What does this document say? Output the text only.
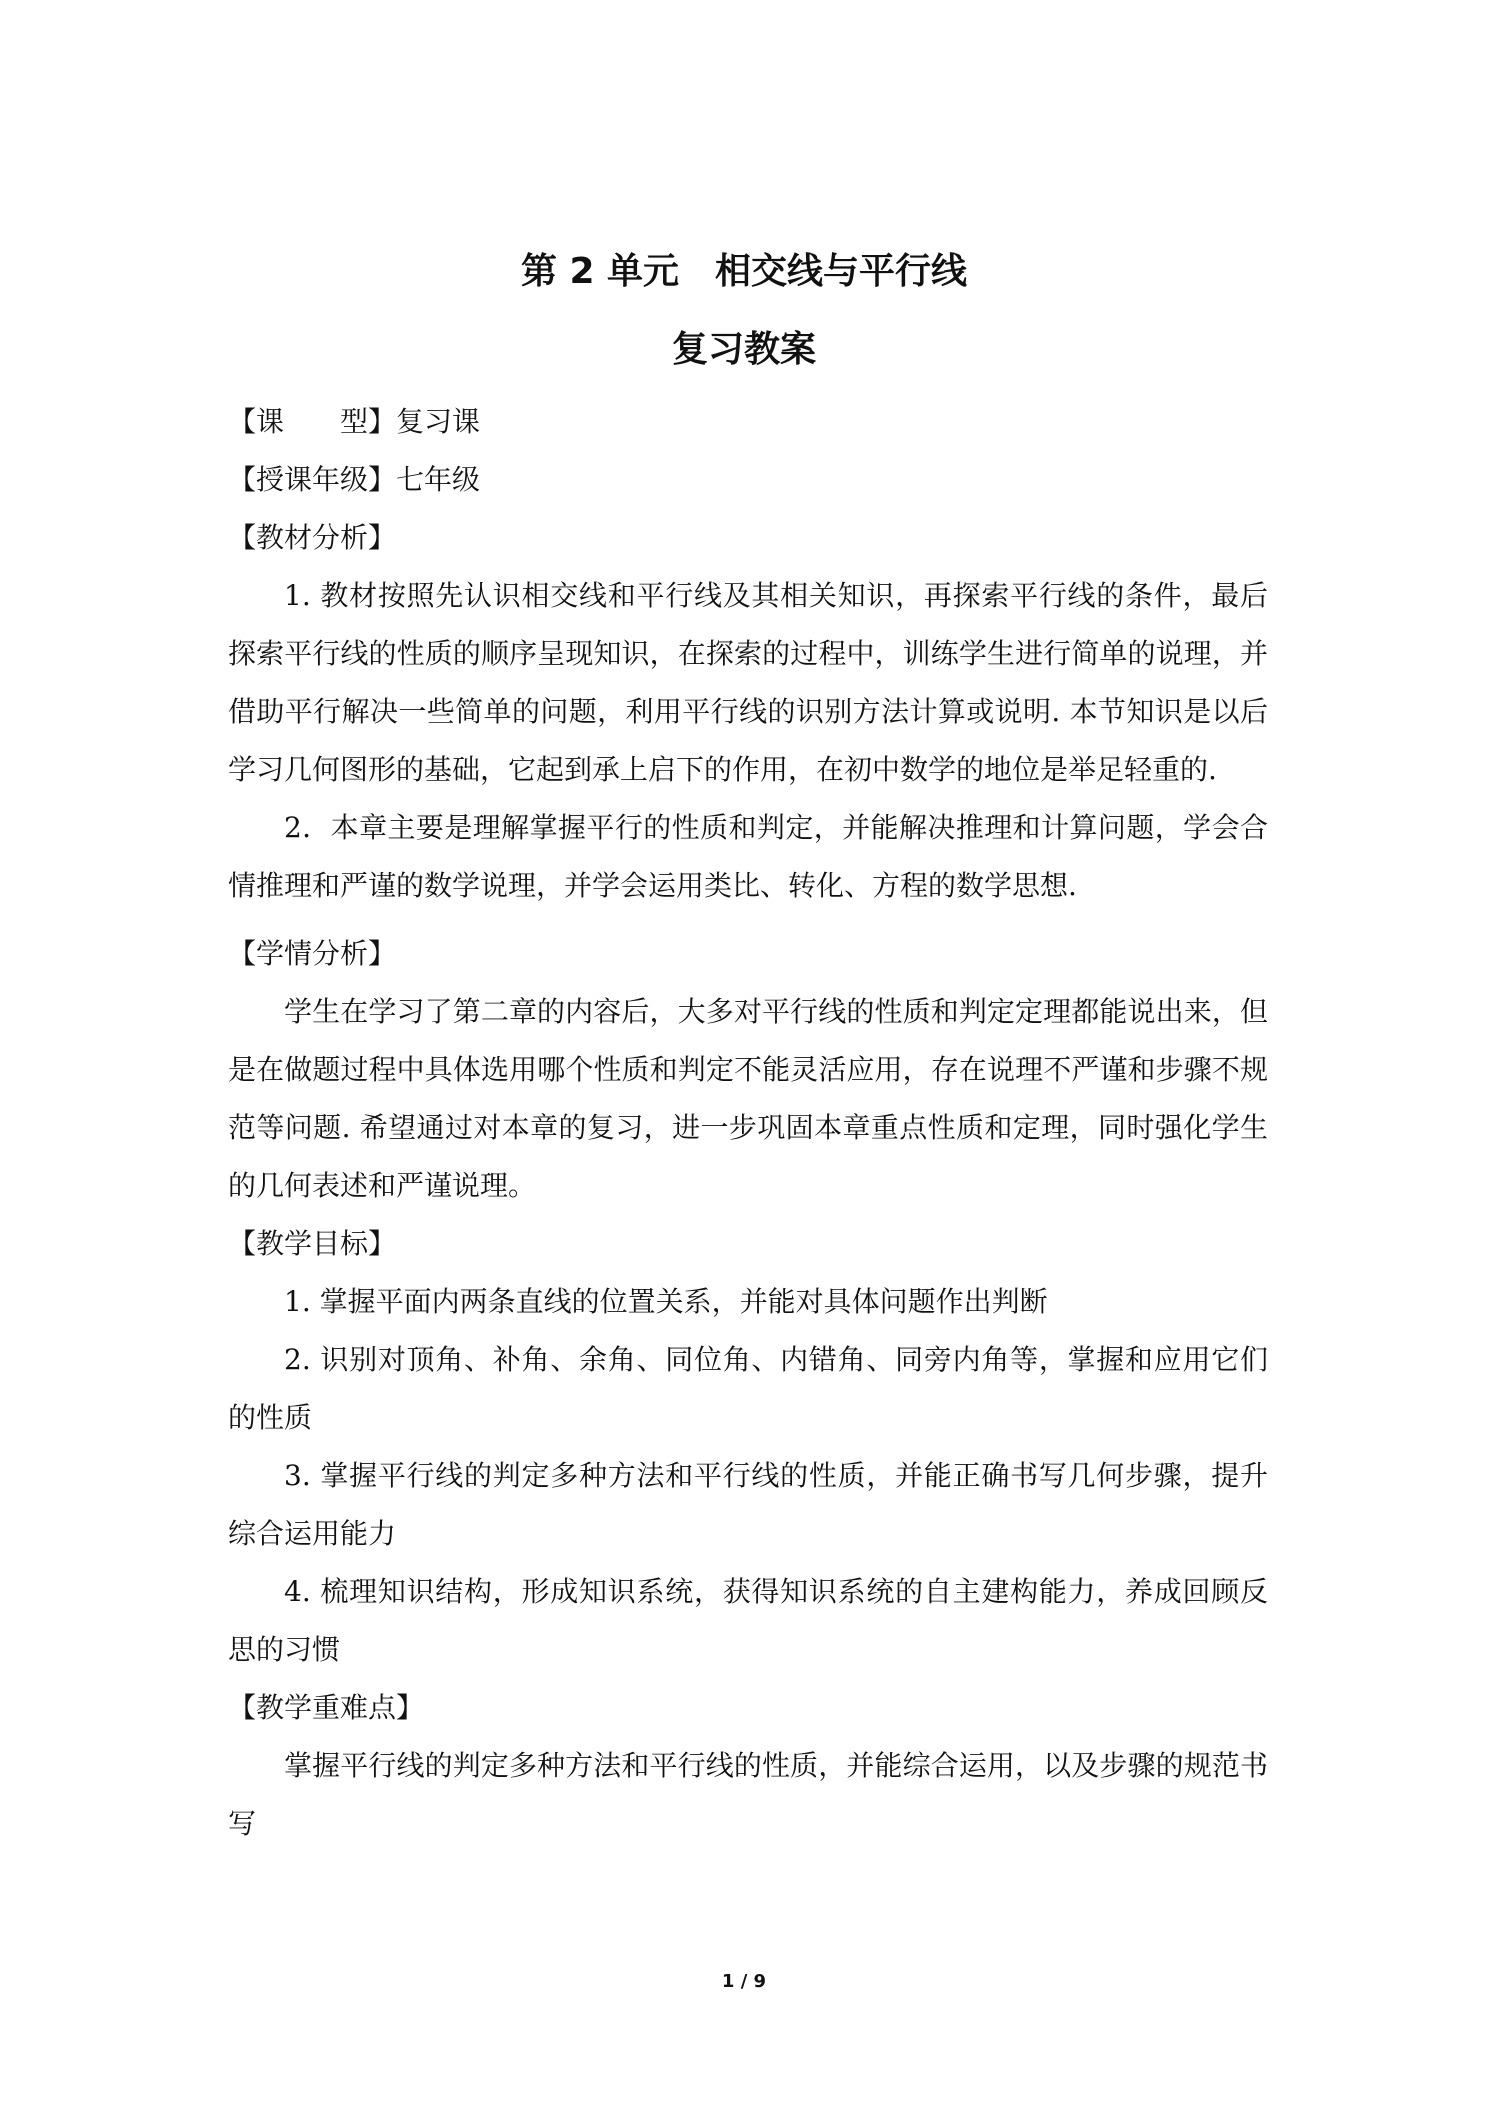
第 2 单元　相交线与平行线
复习教案
【课　　型】复习课
【授课年级】七年级
【教材分析】
1. 教材按照先认识相交线和平行线及其相关知识，再探索平行线的条件，最后探索平行线的性质的顺序呈现知识，在探索的过程中，训练学生进行简单的说理，并借助平行解决一些简单的问题，利用平行线的识别方法计算或说明. 本节知识是以后学习几何图形的基础，它起到承上启下的作用，在初中数学的地位是举足轻重的.
2．本章主要是理解掌握平行的性质和判定，并能解决推理和计算问题，学会合情推理和严谨的数学说理，并学会运用类比、转化、方程的数学思想.
【学情分析】
学生在学习了第二章的内容后，大多对平行线的性质和判定定理都能说出来，但是在做题过程中具体选用哪个性质和判定不能灵活应用，存在说理不严谨和步骤不规范等问题. 希望通过对本章的复习，进一步巩固本章重点性质和定理，同时强化学生的几何表述和严谨说理。
【教学目标】
1. 掌握平面内两条直线的位置关系，并能对具体问题作出判断
2. 识别对顶角、补角、余角、同位角、内错角、同旁内角等，掌握和应用它们的性质
3. 掌握平行线的判定多种方法和平行线的性质，并能正确书写几何步骤，提升综合运用能力
4. 梳理知识结构，形成知识系统，获得知识系统的自主建构能力，养成回顾反思的习惯
【教学重难点】
掌握平行线的判定多种方法和平行线的性质，并能综合运用，以及步骤的规范书写
1 / 9
